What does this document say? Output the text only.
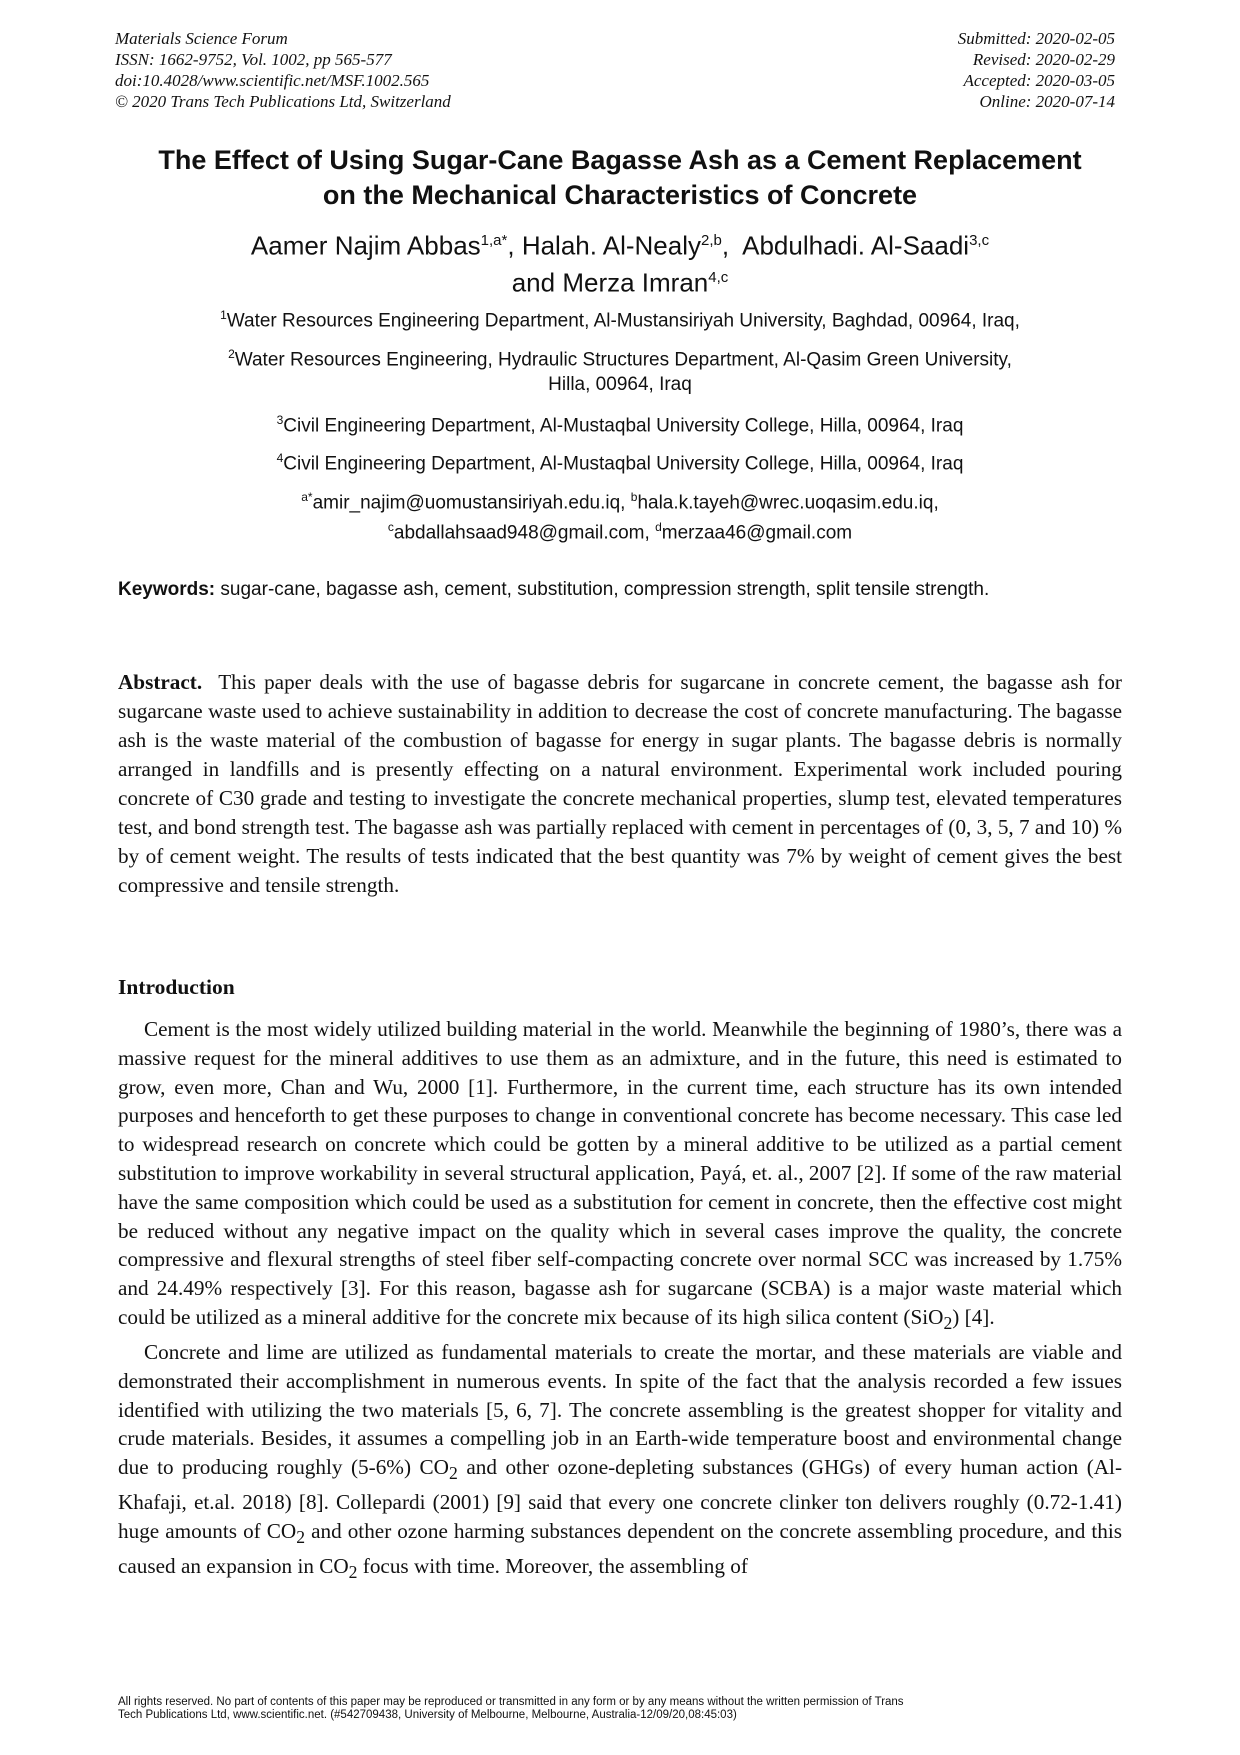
Materials Science Forum
ISSN: 1662-9752, Vol. 1002, pp 565-577
doi:10.4028/www.scientific.net/MSF.1002.565
© 2020 Trans Tech Publications Ltd, Switzerland
Submitted: 2020-02-05
Revised: 2020-02-29
Accepted: 2020-03-05
Online: 2020-07-14
The Effect of Using Sugar-Cane Bagasse Ash as a Cement Replacement
on the Mechanical Characteristics of Concrete
Aamer Najim Abbas$^{1,a*}$, Halah. Al-Nealy$^{2,b}$,  Abdulhadi. Al-Saadi$^{3,c}$
and Merza Imran$^{4,c}$
$^1$Water Resources Engineering Department, Al-Mustansiriyah University, Baghdad, 00964, Iraq,
$^2$Water Resources Engineering, Hydraulic Structures Department, Al-Qasim Green University,
Hilla, 00964, Iraq
$^3$Civil Engineering Department, Al-Mustaqbal University College, Hilla, 00964, Iraq
$^4$Civil Engineering Department, Al-Mustaqbal University College, Hilla, 00964, Iraq
$^{a*}$amir_najim@uomustansiriyah.edu.iq, $^b$hala.k.tayeh@wrec.uoqasim.edu.iq,
$^c$abdallahsaad948@gmail.com, $^d$merzaa46@gmail.com
Keywords: sugar-cane, bagasse ash, cement, substitution, compression strength, split tensile strength.
Abstract. This paper deals with the use of bagasse debris for sugarcane in concrete cement, the bagasse ash for sugarcane waste used to achieve sustainability in addition to decrease the cost of concrete manufacturing. The bagasse ash is the waste material of the combustion of bagasse for energy in sugar plants. The bagasse debris is normally arranged in landfills and is presently effecting on a natural environment. Experimental work included pouring concrete of C30 grade and testing to investigate the concrete mechanical properties, slump test, elevated temperatures test, and bond strength test. The bagasse ash was partially replaced with cement in percentages of (0, 3, 5, 7 and 10) % by of cement weight. The results of tests indicated that the best quantity was 7% by weight of cement gives the best compressive and tensile strength.
Introduction

Cement is the most widely utilized building material in the world. Meanwhile the beginning of 1980’s, there was a massive request for the mineral additives to use them as an admixture, and in the future, this need is estimated to grow, even more, Chan and Wu, 2000 [1]. Furthermore, in the current time, each structure has its own intended purposes and henceforth to get these purposes to change in conventional concrete has become necessary. This case led to widespread research on concrete which could be gotten by a mineral additive to be utilized as a partial cement substitution to improve workability in several structural application, Payá, et. al., 2007 [2]. If some of the raw material have the same composition which could be used as a substitution for cement in concrete, then the effective cost might be reduced without any negative impact on the quality which in several cases improve the quality, the concrete compressive and flexural strengths of steel fiber self-compacting concrete over normal SCC was increased by 1.75% and 24.49% respectively [3]. For this reason, bagasse ash for sugarcane (SCBA) is a major waste material which could be utilized as a mineral additive for the concrete mix because of its high silica content (SiO$_2$) [4].

Concrete and lime are utilized as fundamental materials to create the mortar, and these materials are viable and demonstrated their accomplishment in numerous events. In spite of the fact that the analysis recorded a few issues identified with utilizing the two materials [5, 6, 7]. The concrete assembling is the greatest shopper for vitality and crude materials. Besides, it assumes a compelling job in an Earth-wide temperature boost and environmental change due to producing roughly (5-6%) $CO_2$ and other ozone-depleting substances (GHGs) of every human action (Al-Khafaji, et.al. 2018) [8]. Collepardi (2001) [9] said that every one concrete clinker ton delivers roughly (0.72-1.41) huge amounts of $CO_2$ and other ozone harming substances dependent on the concrete assembling procedure, and this caused an expansion in $CO_2$ focus with time. Moreover, the assembling of

All rights reserved. No part of contents of this paper may be reproduced or transmitted in any form or by any means without the written permission of Trans
Tech Publications Ltd, www.scientific.net. (#542709438, University of Melbourne, Melbourne, Australia-12/09/20,08:45:03)
